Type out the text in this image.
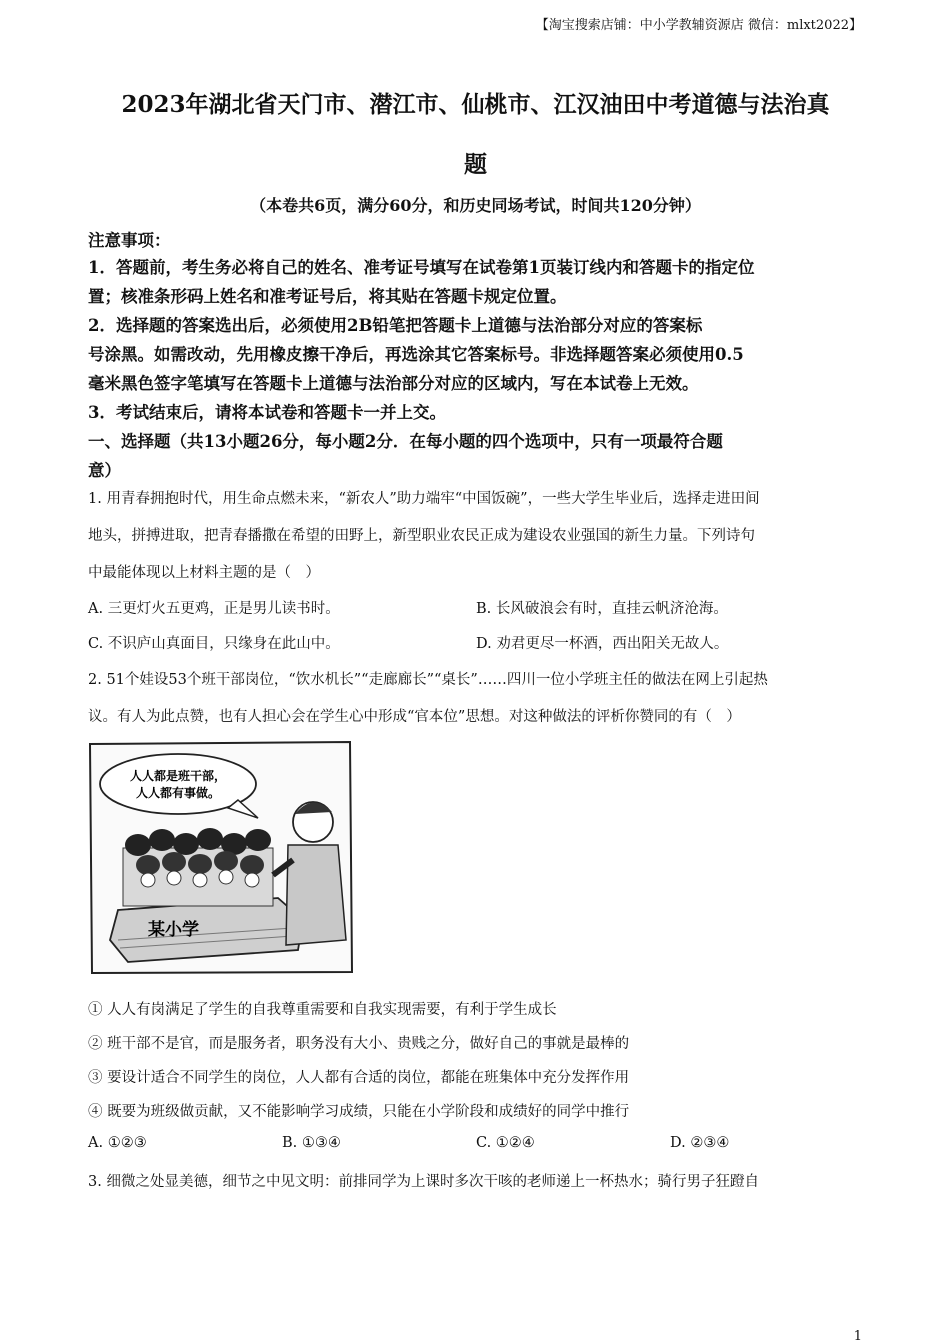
【淘宝搜索店铺：中小学教辅资源店 微信：mlxt2022】
2023年湖北省天门市、潜江市、仙桃市、江汉油田中考道德与法治真
题
（本卷共6页，满分60分，和历史同场考试，时间共120分钟）
注意事项：
1．答题前，考生务必将自己的姓名、准考证号填写在试卷第1页装订线内和答题卡的指定位
置；核准条形码上姓名和准考证号后，将其贴在答题卡规定位置。
2．选择题的答案选出后，必须使用2B铅笔把答题卡上道德与法治部分对应的答案标
号涂黑。如需改动，先用橡皮擦干净后，再选涂其它答案标号。非选择题答案必须使用0.5
毫米黑色签字笔填写在答题卡上道德与法治部分对应的区域内，写在本试卷上无效。
3．考试结束后，请将本试卷和答题卡一并上交。
一、选择题（共13小题26分，每小题2分．在每小题的四个选项中，只有一项最符合题
意）
1. 用青春拥抱时代，用生命点燃未来，“新农人”助力端牢“中国饭碗”，一些大学生毕业后，选择走进田间
地头，拼搏进取，把青春播撒在希望的田野上，新型职业农民正成为建设农业强国的新生力量。下列诗句
中最能体现以上材料主题的是（　）
A. 三更灯火五更鸡，正是男儿读书时。	B. 长风破浪会有时，直挂云帆济沧海。
C. 不识庐山真面目，只缘身在此山中。	D. 劝君更尽一杯酒，西出阳关无故人。
2. 51个娃设53个班干部岗位，“饮水机长”“走廊廊长”“桌长”……四川一位小学班主任的做法在网上引起热
议。有人为此点赞，也有人担心会在学生心中形成“官本位”思想。对这种做法的评析你赞同的有（　）
人人都是班干部，
人人都有事做。
某小学
① 人人有岗满足了学生的自我尊重需要和自我实现需要，有利于学生成长
② 班干部不是官，而是服务者，职务没有大小、贵贱之分，做好自己的事就是最棒的
③ 要设计适合不同学生的岗位，人人都有合适的岗位，都能在班集体中充分发挥作用
④ 既要为班级做贡献，又不能影响学习成绩，只能在小学阶段和成绩好的同学中推行
A. ①②③	B. ①③④	C. ①②④	D. ②③④
3. 细微之处显美德，细节之中见文明：前排同学为上课时多次干咳的老师递上一杯热水；骑行男子狂蹬自
1
